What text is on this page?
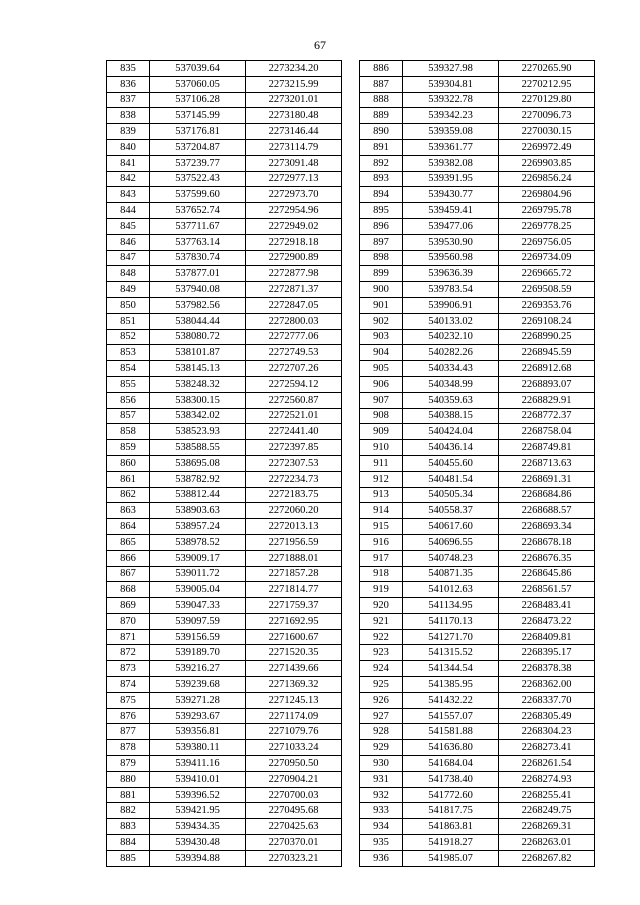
67
835	537039.64	2273234.20
836	537060.05	2273215.99
837	537106.28	2273201.01
838	537145.99	2273180.48
839	537176.81	2273146.44
840	537204.87	2273114.79
841	537239.77	2273091.48
842	537522.43	2272977.13
843	537599.60	2272973.70
844	537652.74	2272954.96
845	537711.67	2272949.02
846	537763.14	2272918.18
847	537830.74	2272900.89
848	537877.01	2272877.98
849	537940.08	2272871.37
850	537982.56	2272847.05
851	538044.44	2272800.03
852	538080.72	2272777.06
853	538101.87	2272749.53
854	538145.13	2272707.26
855	538248.32	2272594.12
856	538300.15	2272560.87
857	538342.02	2272521.01
858	538523.93	2272441.40
859	538588.55	2272397.85
860	538695.08	2272307.53
861	538782.92	2272234.73
862	538812.44	2272183.75
863	538903.63	2272060.20
864	538957.24	2272013.13
865	538978.52	2271956.59
866	539009.17	2271888.01
867	539011.72	2271857.28
868	539005.04	2271814.77
869	539047.33	2271759.37
870	539097.59	2271692.95
871	539156.59	2271600.67
872	539189.70	2271520.35
873	539216.27	2271439.66
874	539239.68	2271369.32
875	539271.28	2271245.13
876	539293.67	2271174.09
877	539356.81	2271079.76
878	539380.11	2271033.24
879	539411.16	2270950.50
880	539410.01	2270904.21
881	539396.52	2270700.03
882	539421.95	2270495.68
883	539434.35	2270425.63
884	539430.48	2270370.01
885	539394.88	2270323.21
886	539327.98	2270265.90
887	539304.81	2270212.95
888	539322.78	2270129.80
889	539342.23	2270096.73
890	539359.08	2270030.15
891	539361.77	2269972.49
892	539382.08	2269903.85
893	539391.95	2269856.24
894	539430.77	2269804.96
895	539459.41	2269795.78
896	539477.06	2269778.25
897	539530.90	2269756.05
898	539560.98	2269734.09
899	539636.39	2269665.72
900	539783.54	2269508.59
901	539906.91	2269353.76
902	540133.02	2269108.24
903	540232.10	2268990.25
904	540282.26	2268945.59
905	540334.43	2268912.68
906	540348.99	2268893.07
907	540359.63	2268829.91
908	540388.15	2268772.37
909	540424.04	2268758.04
910	540436.14	2268749.81
911	540455.60	2268713.63
912	540481.54	2268691.31
913	540505.34	2268684.86
914	540558.37	2268688.57
915	540617.60	2268693.34
916	540696.55	2268678.18
917	540748.23	2268676.35
918	540871.35	2268645.86
919	541012.63	2268561.57
920	541134.95	2268483.41
921	541170.13	2268473.22
922	541271.70	2268409.81
923	541315.52	2268395.17
924	541344.54	2268378.38
925	541385.95	2268362.00
926	541432.22	2268337.70
927	541557.07	2268305.49
928	541581.88	2268304.23
929	541636.80	2268273.41
930	541684.04	2268261.54
931	541738.40	2268274.93
932	541772.60	2268255.41
933	541817.75	2268249.75
934	541863.81	2268269.31
935	541918.27	2268263.01
936	541985.07	2268267.82
